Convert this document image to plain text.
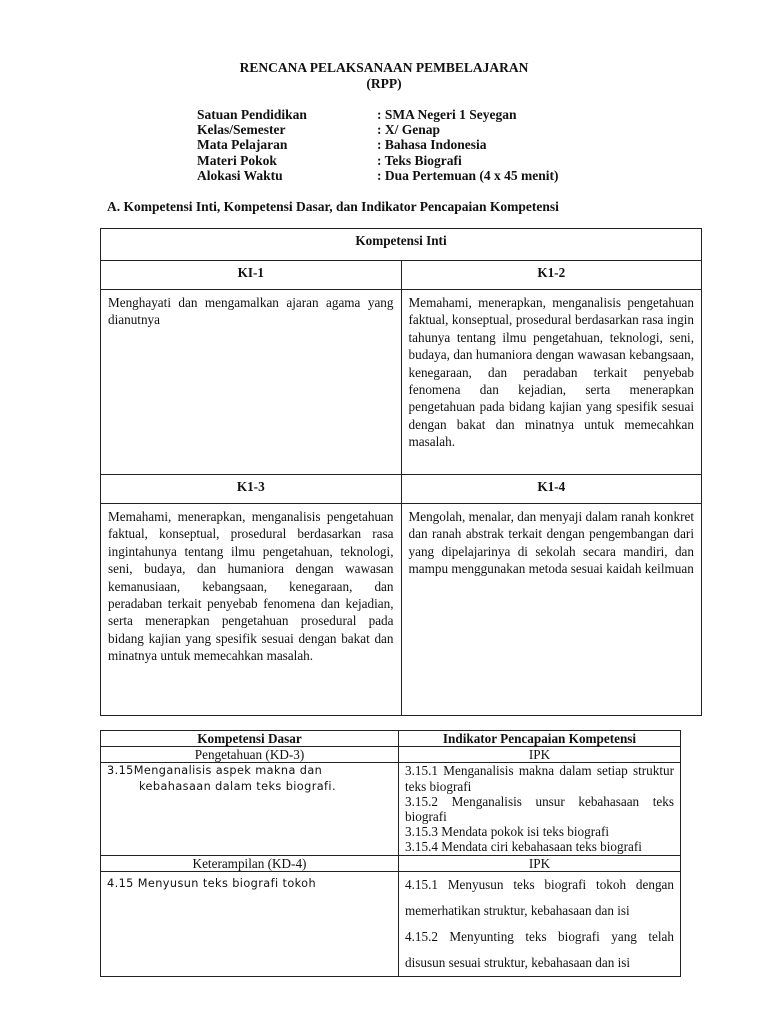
RENCANA PELAKSANAAN PEMBELAJARAN
(RPP)
Satuan Pendidikan	: SMA Negeri 1 Seyegan
Kelas/Semester	: X/ Genap
Mata Pelajaran	: Bahasa Indonesia
Materi Pokok	: Teks Biografi
Alokasi Waktu	: Dua Pertemuan (4 x 45 menit)
A. Kompetensi Inti, Kompetensi Dasar, dan Indikator Pencapaian Kompetensi
Kompetensi Inti	
KI-1	K1-2
Menghayati dan mengamalkan ajaran agama yang dianutnya	Memahami, menerapkan, menganalisis pengetahuan faktual, konseptual, prosedural berdasarkan rasa ingin tahunya tentang ilmu pengetahuan, teknologi, seni, budaya, dan humaniora dengan wawasan kebangsaan, kenegaraan, dan peradaban terkait penyebab fenomena dan kejadian, serta menerapkan pengetahuan pada bidang kajian yang spesifik sesuai dengan bakat dan minatnya untuk memecahkan masalah.
K1-3	K1-4
Memahami, menerapkan, menganalisis pengetahuan faktual, konseptual, prosedural berdasarkan rasa ingintahunya tentang ilmu pengetahuan, teknologi, seni, budaya, dan humaniora dengan wawasan kemanusiaan, kebangsaan, kenegaraan, dan peradaban terkait penyebab fenomena dan kejadian, serta menerapkan pengetahuan prosedural pada bidang kajian yang spesifik sesuai dengan bakat dan minatnya untuk memecahkan masalah.	Mengolah, menalar, dan menyaji dalam ranah konkret dan ranah abstrak terkait dengan pengembangan dari yang dipelajarinya di sekolah secara mandiri, dan mampu menggunakan metoda sesuai kaidah keilmuan
Kompetensi Dasar	Indikator Pencapaian Kompetensi
Pengetahuan (KD-3)	IPK

3.15Menganalisis aspek makna dan kebahasaan dalam teks biografi.	3.15.1 Menganalisis makna dalam setiap struktur teks biografi
3.15.2 Menganalisis unsur kebahasaan teks biografi
3.15.3 Mendata pokok isi teks biografi
3.15.4 Mendata ciri kebahasaan teks biografi

Keterampilan (KD-4)	IPK

4.15 Menyusun teks biografi tokoh	4.15.1 Menyusun teks biografi tokoh dengan memerhatikan struktur, kebahasaan dan isi
4.15.2 Menyunting teks biografi yang telah disusun sesuai struktur, kebahasaan dan isi
